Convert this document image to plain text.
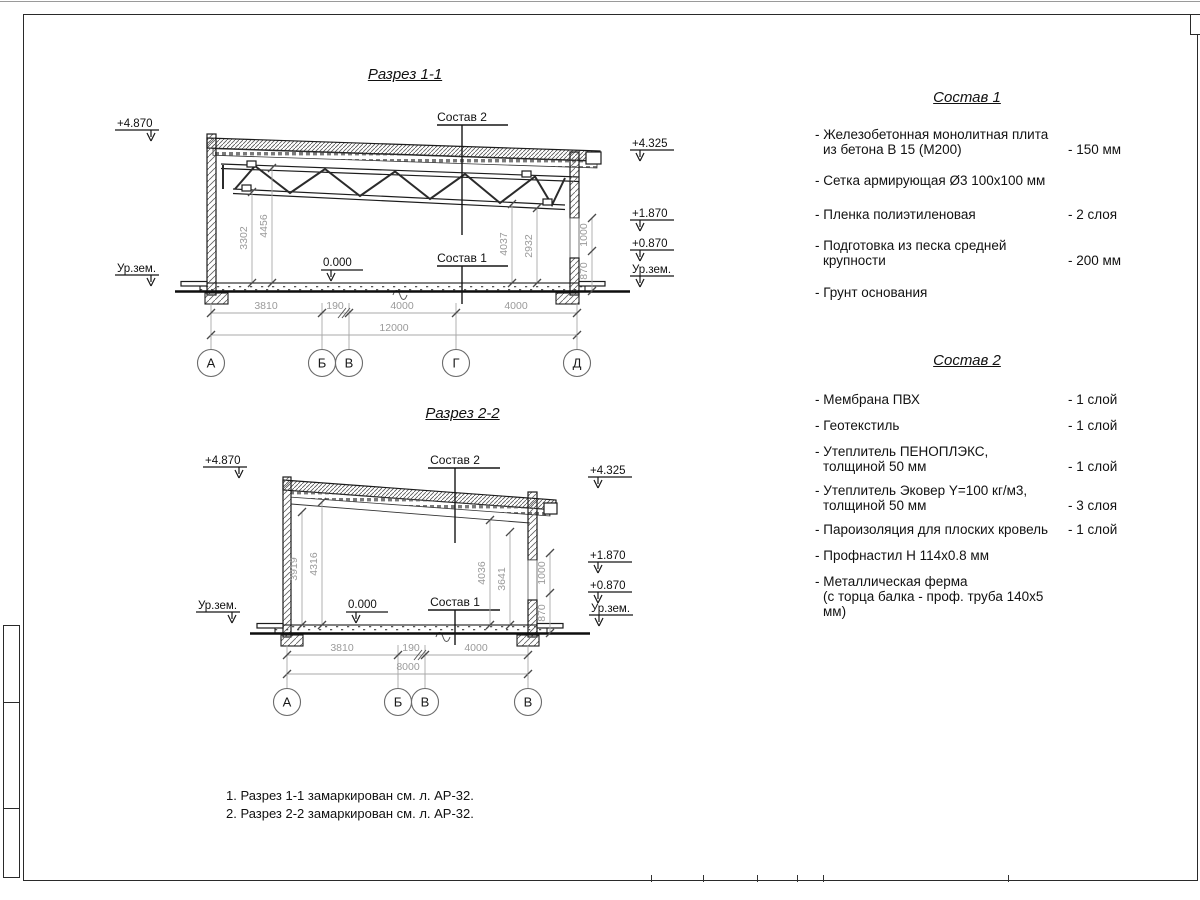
Разрез 1-1
Разрез 2-2
Состав 2
Состав 1
0.000
+4.870
Ур.зем.
+4.325
+1.870
+0.870
Ур.зем.
3302
4456
4037 2932
870
1000
3810	190	4000	4000
12000
А	Б В	Г	Д
Состав 2
Состав 1
0.000
+4.870
Ур.зем.
+4.325
+1.870
+0.870
Ур.зем.
3919 4316	4036 3641
870
1000
3810	190	4000
8000
А	Б В	В
Состав 1
- Железобетонная монолитная плита
из бетона В 15 (М200)	- 150 мм
- Сетка армирующая Ø3 100x100 мм
- Пленка полиэтиленовая	- 2 слоя
- Подготовка из песка средней
крупности	- 200 мм
- Грунт основания
Состав 2
- Мембрана ПВХ	- 1 слой
- Геотекстиль	- 1 слой
- Утеплитель ПЕНОПЛЭКС,
толщиной 50 мм	- 1 слой
- Утеплитель Эковер Y=100 кг/м3,
толщиной 50 мм	- 3 слоя
- Пароизоляция для плоских кровель	- 1 слой
- Профнастил Н 114x0.8 мм
- Металлическая ферма
(с торца балка - проф. труба 140x5 мм)
1. Разрез 1-1 замаркирован см. л. АР-32.
2. Разрез 2-2 замаркирован см. л. АР-32.
